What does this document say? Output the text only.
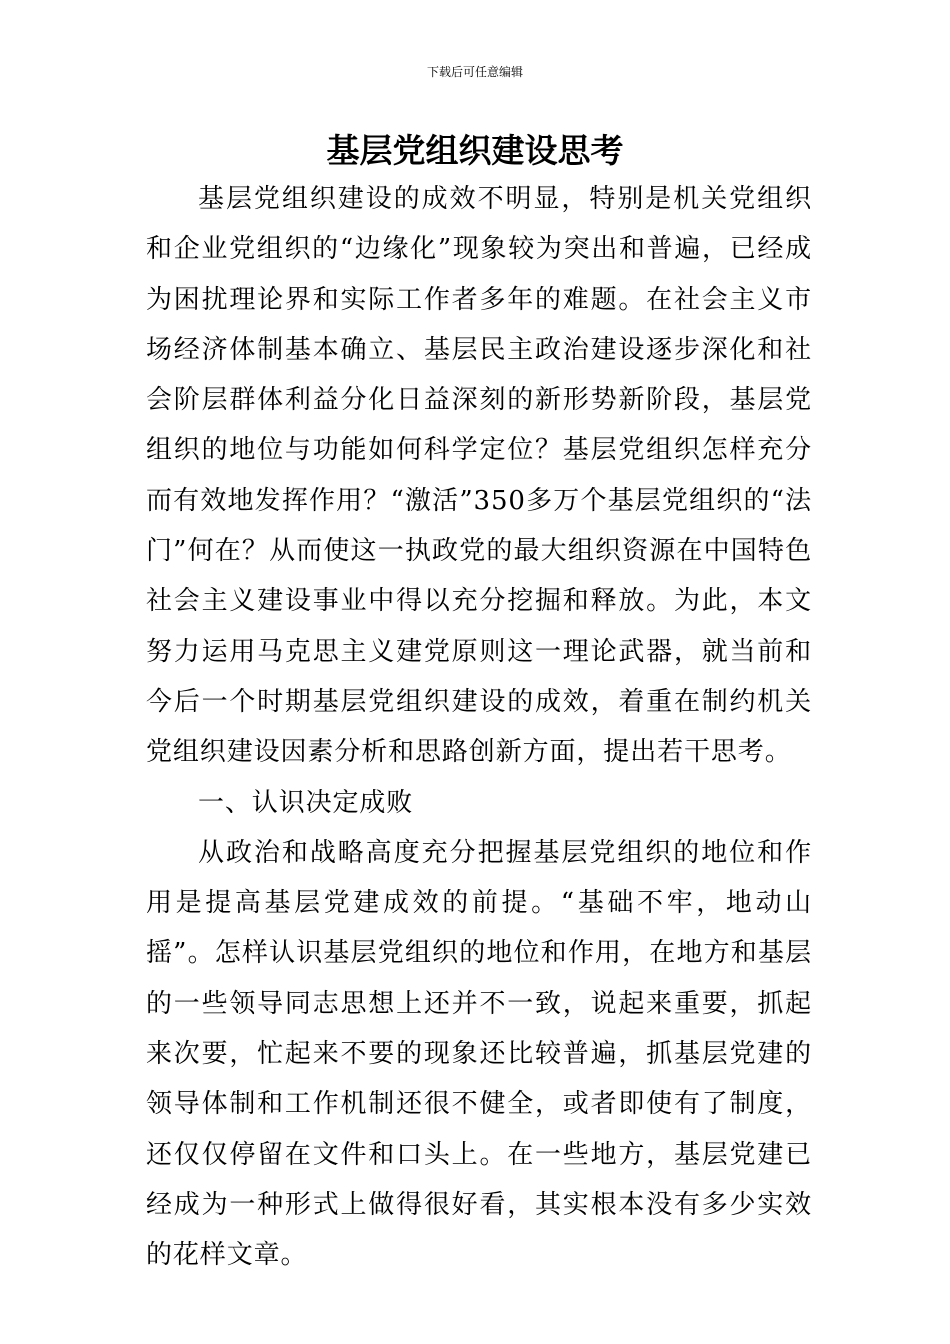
下载后可任意编辑
基层党组织建设思考

基层党组织建设的成效不明显，特别是机关党组织和企业党组织的“边缘化”现象较为突出和普遍，已经成为困扰理论界和实际工作者多年的难题。在社会主义市场经济体制基本确立、基层民主政治建设逐步深化和社会阶层群体利益分化日益深刻的新形势新阶段，基层党组织的地位与功能如何科学定位？基层党组织怎样充分而有效地发挥作用？“激活”350多万个基层党组织的“法门”何在？从而使这一执政党的最大组织资源在中国特色社会主义建设事业中得以充分挖掘和释放。为此，本文努力运用马克思主义建党原则这一理论武器，就当前和今后一个时期基层党组织建设的成效，着重在制约机关党组织建设因素分析和思路创新方面，提出若干思考。

一、认识决定成败

从政治和战略高度充分把握基层党组织的地位和作用是提高基层党建成效的前提。“基础不牢，地动山摇”。怎样认识基层党组织的地位和作用，在地方和基层的一些领导同志思想上还并不一致，说起来重要，抓起来次要，忙起来不要的现象还比较普遍，抓基层党建的领导体制和工作机制还很不健全，或者即使有了制度，还仅仅停留在文件和口头上。在一些地方，基层党建已经成为一种形式上做得很好看，其实根本没有多少实效的花样文章。
